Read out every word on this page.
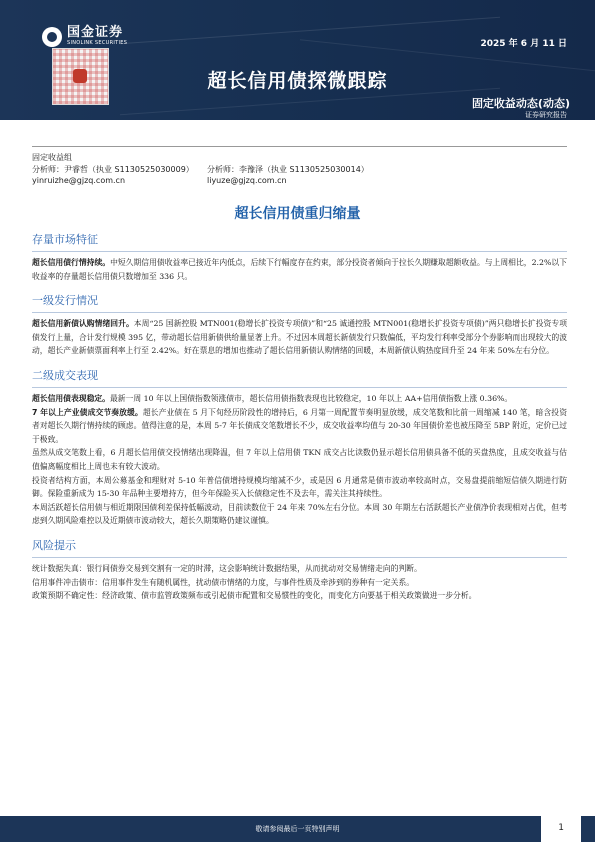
国金证券
SINOLINK SECURITIES	2025 年 6 月 11 日
超长信用债探微跟踪
固定收益动态(动态)
证券研究报告
固定收益组
分析师：尹睿哲（执业 S1130525030009）	分析师：李豫泽（执业 S1130525030014）
yinruizhe@gjzq.com.cn	liyuze@gjzq.com.cn
超长信用债重归缩量
存量市场特征

超长信用债行情持续。中短久期信用债收益率已接近年内低点，后续下行幅度存在约束，部分投资者倾向于拉长久期赚取超额收益。与上周相比，2.2%以下收益率的存量超长信用债只数增加至 336 只。

一级发行情况

超长信用新债认购情绪回升。本周“25 国新控股 MTN001(稳增长扩投资专项债)”和“25 诚通控股 MTN001(稳增长扩投资专项债)”两只稳增长扩投资专项债发行上量，合计发行规模 395 亿，带动超长信用新债供给量显著上升。不过因本周超长新债发行只数偏低，平均发行利率受部分个券影响而出现较大的波动，超长产业新债票面利率上行至 2.42%。好在票息的增加也推动了超长信用新债认购情绪的回暖，本周新债认购热度回升至 24 年来 50%左右分位。

二级成交表现

超长信用债表现稳定。最新一周 10 年以上国债指数领涨债市，超长信用债指数表现也比较稳定，10 年以上 AA+信用债指数上涨 0.36%。

7 年以上产业债成交节奏放缓。超长产业债在 5 月下旬经历阶段性的增持后，6 月第一周配置节奏明显放缓，成交笔数和比前一周缩减 140 笔，暗含投资者对超长久期行情持续的顾虑。值得注意的是，本周 5-7 年长债成交笔数增长不少，成交收益率均值与 20-30 年国债价差也被压降至 5BP 附近，定价已过于极致。

虽然从成交笔数上看，6 月超长信用债交投情绪出现降温，但 7 年以上信用债 TKN 成交占比读数仍显示超长信用债具备不低的买盘热度，且成交收益与估值偏离幅度相比上周也未有较大波动。

投资者结构方面，本周公募基金和理财对 5-10 年普信债增持规模均缩减不少，或是因 6 月通常是债市波动率较高时点，交易盘提前缩短信债久期进行防御。保险重新成为 15-30 年品种主要增持方，但今年保险买入长债稳定性不及去年，需关注其持续性。

本周活跃超长信用债与相近期限国债利差保持低幅波动，目前读数位于 24 年来 70%左右分位。本周 30 年期左右活跃超长产业债净价表现相对占优，但考虑到久期风险难控以及近期债市波动较大，超长久期策略仍建议谨慎。

风险提示

统计数据失真：银行间债券交易到交割有一定的时滞，这会影响统计数据结果，从而扰动对交易情绪走向的判断。

信用事件冲击债市：信用事件发生有随机属性，扰动债市情绪的力度，与事件性质及牵涉到的券种有一定关系。

政策预期不确定性：经济政策、债市监管政策频布或引起债市配置和交易惯性的变化，而变化方向要基于相关政策做进一步分析。

敬请参阅最后一页特别声明	1
